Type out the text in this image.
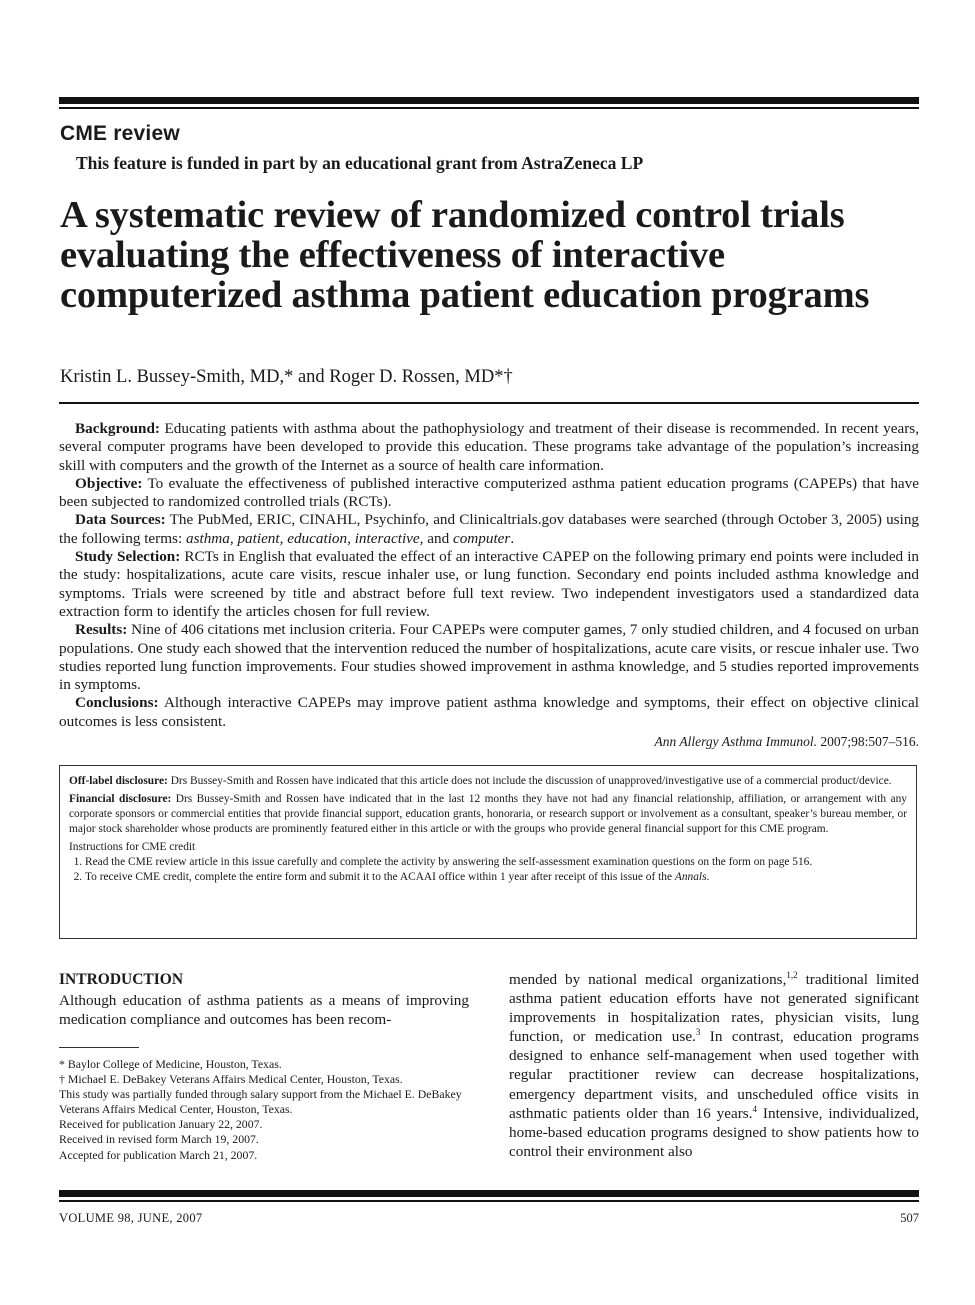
CME review
This feature is funded in part by an educational grant from AstraZeneca LP
A systematic review of randomized control trials evaluating the effectiveness of interactive computerized asthma patient education programs
Kristin L. Bussey-Smith, MD,* and Roger D. Rossen, MD*†

Background: Educating patients with asthma about the pathophysiology and treatment of their disease is recommended. In recent years, several computer programs have been developed to provide this education. These programs take advantage of the population’s increasing skill with computers and the growth of the Internet as a source of health care information.

Objective: To evaluate the effectiveness of published interactive computerized asthma patient education programs (CAPEPs) that have been subjected to randomized controlled trials (RCTs).

Data Sources: The PubMed, ERIC, CINAHL, Psychinfo, and Clinicaltrials.gov databases were searched (through October 3, 2005) using the following terms: asthma, patient, education, interactive, and computer.

Study Selection: RCTs in English that evaluated the effect of an interactive CAPEP on the following primary end points were included in the study: hospitalizations, acute care visits, rescue inhaler use, or lung function. Secondary end points included asthma knowledge and symptoms. Trials were screened by title and abstract before full text review. Two independent investigators used a standardized data extraction form to identify the articles chosen for full review.

Results: Nine of 406 citations met inclusion criteria. Four CAPEPs were computer games, 7 only studied children, and 4 focused on urban populations. One study each showed that the intervention reduced the number of hospitalizations, acute care visits, or rescue inhaler use. Two studies reported lung function improvements. Four studies showed improvement in asthma knowledge, and 5 studies reported improvements in symptoms.

Conclusions: Although interactive CAPEPs may improve patient asthma knowledge and symptoms, their effect on objective clinical outcomes is less consistent.

Ann Allergy Asthma Immunol. 2007;98:507–516.

Off-label disclosure: Drs Bussey-Smith and Rossen have indicated that this article does not include the discussion of unapproved/investigative use of a commercial product/device.

Financial disclosure: Drs Bussey-Smith and Rossen have indicated that in the last 12 months they have not had any financial relationship, affiliation, or arrangement with any corporate sponsors or commercial entities that provide financial support, education grants, honoraria, or research support or involvement as a consultant, speaker’s bureau member, or major stock shareholder whose products are prominently featured either in this article or with the groups who provide general financial support for this CME program.

Instructions for CME credit
1. Read the CME review article in this issue carefully and complete the activity by answering the self-assessment examination questions on the form on page 516.
2. To receive CME credit, complete the entire form and submit it to the ACAAI office within 1 year after receipt of this issue of the Annals.
INTRODUCTION

Although education of asthma patients as a means of improving medication compliance and outcomes has been recom-

* Baylor College of Medicine, Houston, Texas.
† Michael E. DeBakey Veterans Affairs Medical Center, Houston, Texas.
This study was partially funded through salary support from the Michael E. DeBakey Veterans Affairs Medical Center, Houston, Texas.
Received for publication January 22, 2007.
Received in revised form March 19, 2007.
Accepted for publication March 21, 2007.

mended by national medical organizations,$^{1,2}$ traditional limited asthma patient education efforts have not generated significant improvements in hospitalization rates, physician visits, lung function, or medication use.$^3$ In contrast, education programs designed to enhance self-management when used together with regular practitioner review can decrease hospitalizations, emergency department visits, and unscheduled office visits in asthmatic patients older than 16 years.$^4$ Intensive, individualized, home-based education programs designed to show patients how to control their environment also

VOLUME 98, JUNE, 2007	507
